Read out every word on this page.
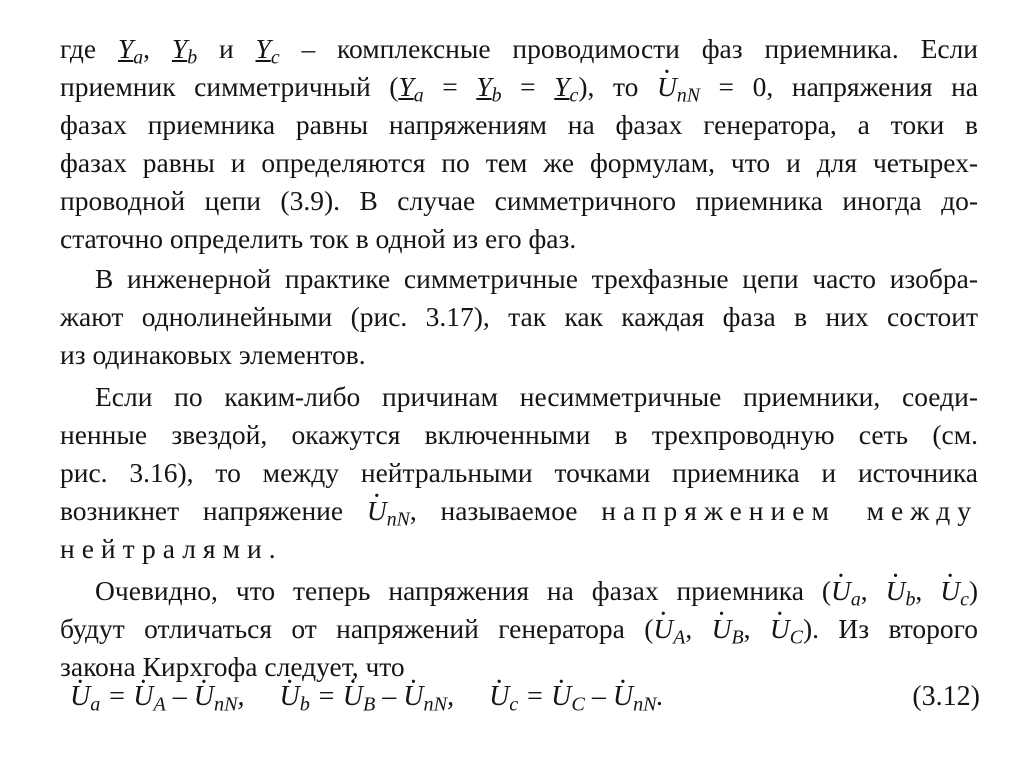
где $Y_a$, $Y_b$ и $Y_c$ – комплексные проводимости фаз приемника. Если
приемник симметричный $(Y_a = Y_b = Y_c)$, то · $U_{nN} = 0$, напряжения на
фазах приемника равны напряжениям на фазах генератора, а токи в
фазах равны и определяются по тем же формулам, что и для четырех-
проводной цепи (3.9). В случае симметричного приемника иногда до-
статочно определить ток в одной из его фаз.
В инженерной практике симметричные трехфазные цепи часто изобра-
жают однолинейными (рис. 3.17), так как каждая фаза в них состоит
из одинаковых элементов.
Если по каким-либо причинам несимметричные приемники, соеди-
ненные звездой, окажутся включенными в трехпроводную сеть (см.
рис. 3.16), то между нейтральными точками приемника и источника
возникнет напряжение · $U_{nN}$, называемое напряжением между
нейтралями.
Очевидно, что теперь напряжения на фазах приемника (· $U_a$, · $U_b$, · $U_c$)
будут отличаться от напряжений генератора (· $U_A$, · $U_B$, · $U_C$). Из второго
закона Кирхгофа следует, что
· $U_a$ = · $U_A$ – · $U_{nN}$, · $U_b$ = · $U_B$ – · $U_{nN}$, · $U_c$ = · $U_C$ – · $U_{nN}$.	(3.12)
